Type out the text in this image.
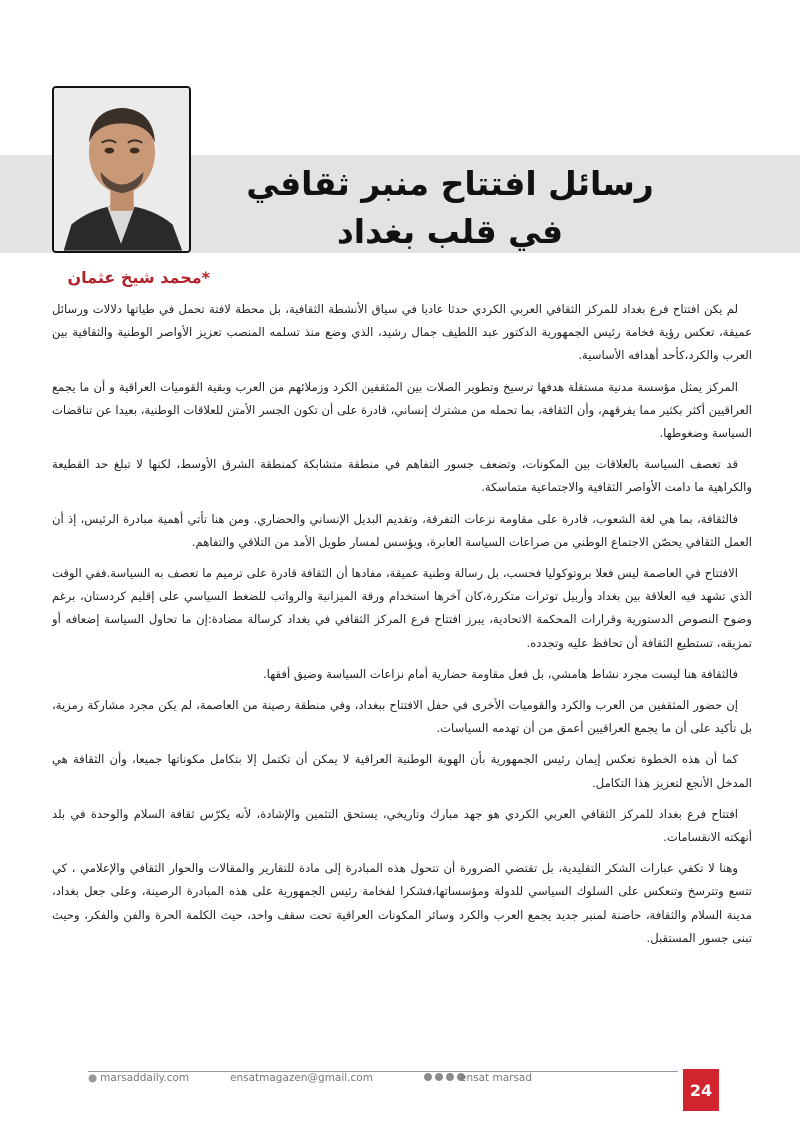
رسائل افتتاح منبر ثقافي
في قلب بغداد
*محمد شيخ عثمان

لم يكن افتتاح فرع بغداد للمركز الثقافي العربي الكردي حدثا عاديا في سياق الأنشطة الثقافية، بل محطة لافتة تحمل في طياتها دلالات ورسائل عميقة، تعكس رؤية فخامة رئيس الجمهورية الدكتور عبد اللطيف جمال رشيد، الذي وضع منذ تسلمه المنصب تعزيز الأواصر الوطنية والثقافية بين العرب والكرد،كأحد أهدافه الأساسية.

المركز يمثل مؤسسة مدنية مستقلة هدفها ترسيخ وتطوير الصلات بين المثقفين الكرد وزملائهم من العرب وبقية القوميات العراقية و أن ما يجمع العراقيين أكثر بكثير مما يفرقهم، وأن الثقافة، بما تحمله من مشترك إنساني، قادرة على أن تكون الجسر الأمتن للعلاقات الوطنية، بعيدا عن تناقضات السياسة وضغوطها.

قد تعصف السياسة بالعلاقات بين المكونات، وتضعف جسور التفاهم في منطقة متشابكة كمنطقة الشرق الأوسط، لكنها لا تبلغ حد القطيعة والكراهية ما دامت الأواصر الثقافية والاجتماعية متماسكة.

فالثقافة، بما هي لغة الشعوب، قادرة على مقاومة نزعات التفرقة، وتقديم البديل الإنساني والحضاري. ومن هنا تأتي أهمية مبادرة الرئيس، إذ أن العمل الثقافي يحصّن الاجتماع الوطني من صراعات السياسة العابرة، ويؤسس لمسار طويل الأمد من التلاقي والتفاهم.

الافتتاح في العاصمة ليس فعلا بروتوكوليا فحسب، بل رسالة وطنية عميقة، مفادها أن الثقافة قادرة على ترميم ما تعصف به السياسة.ففي الوقت الذي تشهد فيه العلاقة بين بغداد وأربيل توترات متكررة،كان آخرها استخدام ورقة الميزانية والرواتب للضغط السياسي على إقليم كردستان، برغم وضوح النصوص الدستورية وقرارات المحكمة الاتحادية، يبرز افتتاح فرع المركز الثقافي في بغداد كرسالة مضادة:إن ما تحاول السياسة إضعافه أو تمزيقه، تستطيع الثقافة أن تحافظ عليه وتجدده.

فالثقافة هنا ليست مجرد نشاط هامشي، بل فعل مقاومة حضارية أمام نزاعات السياسة وضيق أفقها.

إن حضور المثقفين من العرب والكرد والقوميات الأخرى في حفل الافتتاح ببغداد، وفي منطقة رصينة من العاصمة، لم يكن مجرد مشاركة رمزية، بل تأكيد على أن ما يجمع العراقيين أعمق من أن تهدمه السياسات.

كما أن هذه الخطوة تعكس إيمان رئيس الجمهورية بأن الهوية الوطنية العراقية لا يمكن أن تكتمل إلا بتكامل مكوناتها جميعا، وأن الثقافة هي المدخل الأنجع لتعزيز هذا التكامل.

افتتاح فرع بغداد للمركز الثقافي العربي الكردي هو جهد مبارك وتاريخي، يستحق التثمين والإشادة، لأنه يكرّس ثقافة السلام والوحدة في بلد أنهكته الانقسامات.

وهنا لا تكفي عبارات الشكر التقليدية، بل تقتضي الضرورة أن تتحول هذه المبادرة إلى مادة للتقارير والمقالات والحوار الثقافي والإعلامي ، كي تتسع وتترسخ وتنعكس على السلوك السياسي للدولة ومؤسساتها،فشكرا لفخامة رئيس الجمهورية على هذه المبادرة الرصينة، وعلى جعل بغداد، مدينة السلام والثقافة، حاضنة لمنبر جديد يجمع العرب والكرد وسائر المكونات العراقية تحت سقف واحد، حيث الكلمة الحرة والفن والفكر، وحيث تبنى جسور المستقبل.

● marsaddaily.com	ensatmagazen@gmail.com	ensat marsad
24
